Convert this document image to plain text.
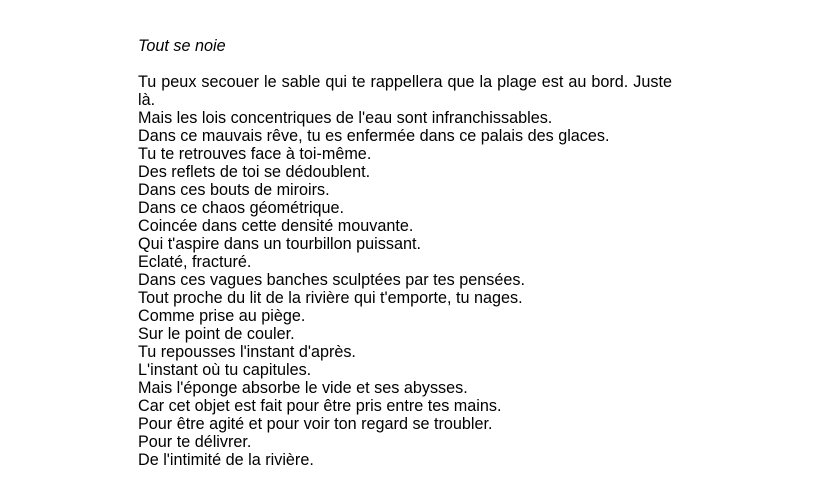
Tout se noie
Tu peux secouer le sable qui te rappellera que la plage est au bord. Juste là.
Mais les lois concentriques de l'eau sont infranchissables.
Dans ce mauvais rêve, tu es enfermée dans ce palais des glaces.
Tu te retrouves face à toi-même.
Des reflets de toi se dédoublent.
Dans ces bouts de miroirs.
Dans ce chaos géométrique.
Coincée dans cette densité mouvante.
Qui t'aspire dans un tourbillon puissant.
Eclaté, fracturé.
Dans ces vagues banches sculptées par tes pensées.
Tout proche du lit de la rivière qui t'emporte, tu nages.
Comme prise au piège.
Sur le point de couler.
Tu repousses l'instant d'après.
L'instant où tu capitules.
Mais l'éponge absorbe le vide et ses abysses.
Car cet objet est fait pour être pris entre tes mains.
Pour être agité et pour voir ton regard se troubler.
Pour te délivrer.
De l'intimité de la rivière.
